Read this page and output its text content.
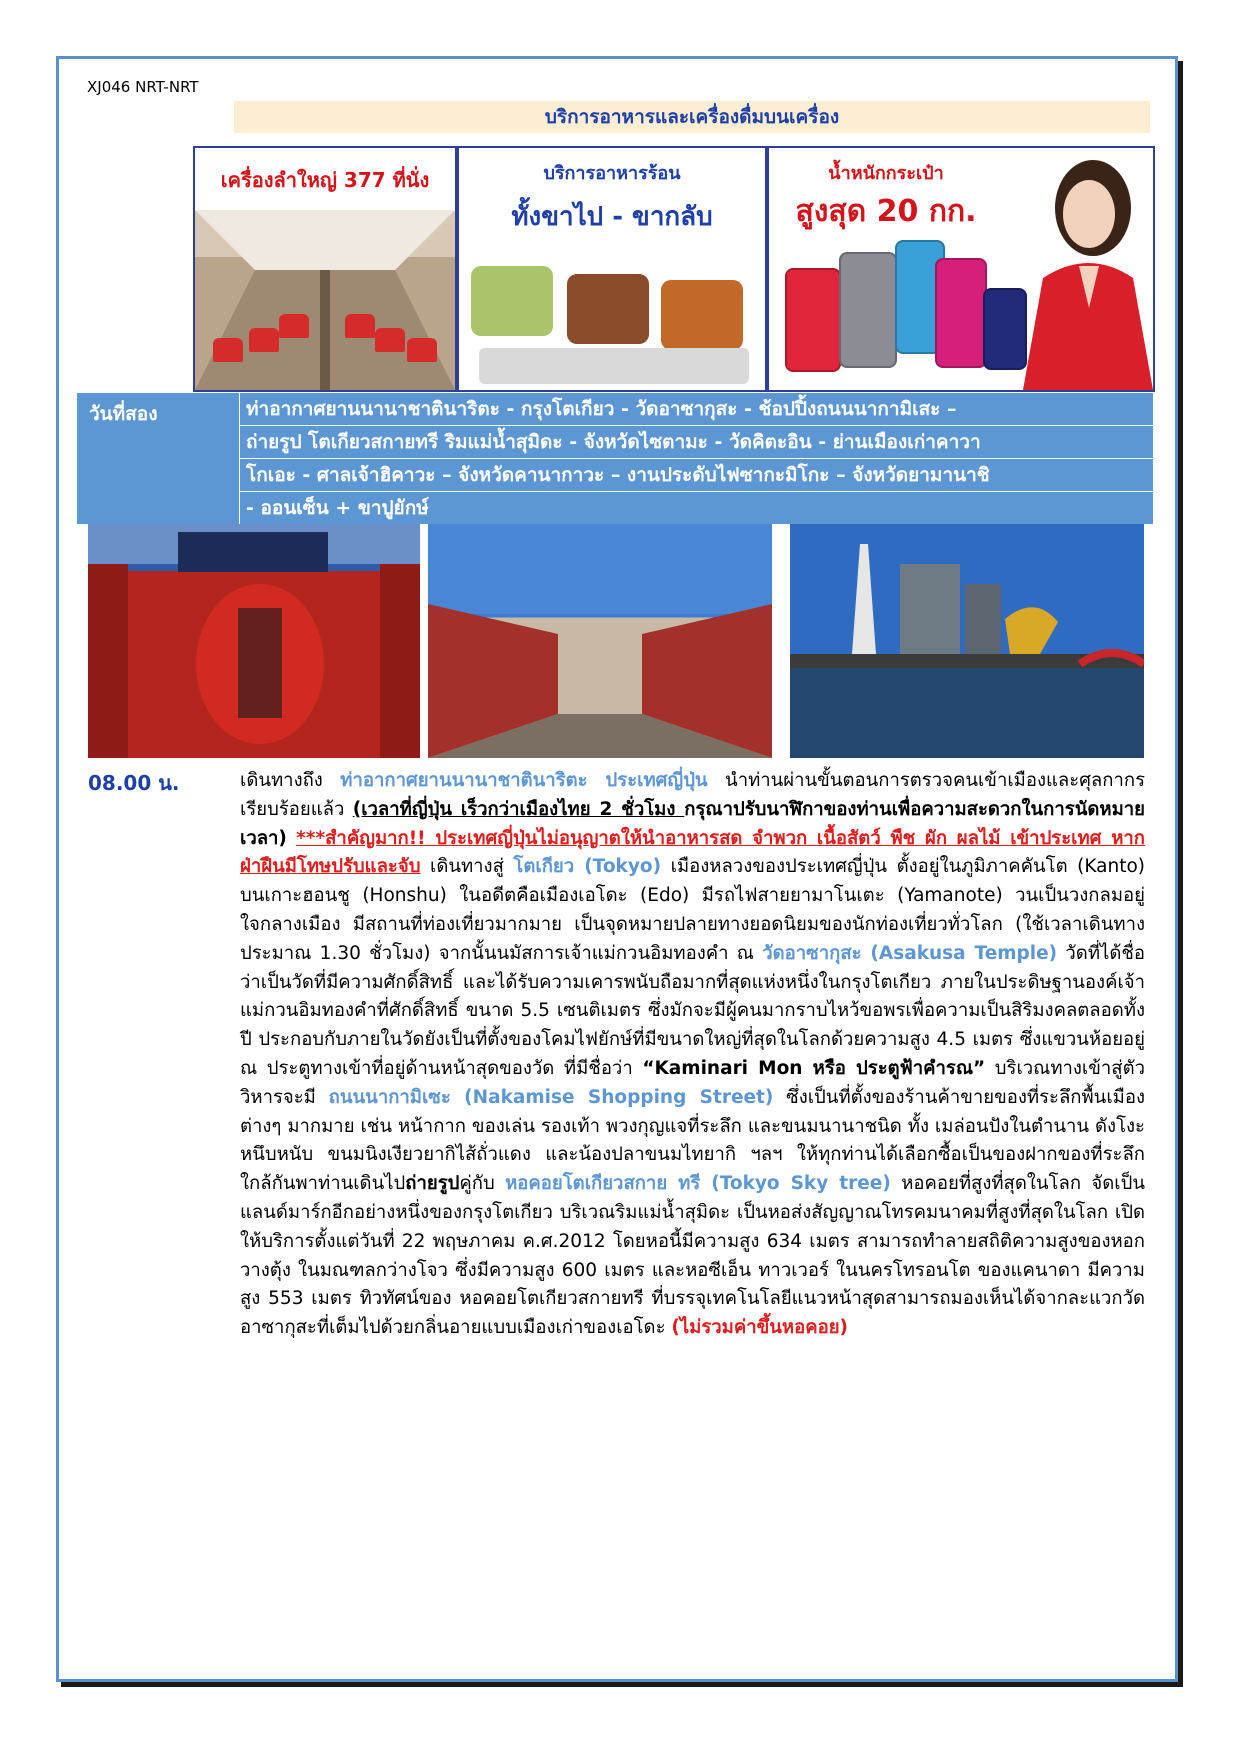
XJ046 NRT-NRT
บริการอาหารและเครื่องดื่มบนเครื่อง
เครื่องลำใหญ่ 377 ที่นั่ง	บริการอาหารร้อน
ทั้งขาไป - ขากลับ
น้ำหนักกระเป๋า
สูงสุด 20 กก.
วันที่สอง	ท่าอากาศยานนานาชาตินาริตะ - กรุงโตเกียว - วัดอาซากุสะ - ช้อปปิ้งถนนนากามิเสะ –
ถ่ายรูป โตเกียวสกายทรี ริมแม่น้ำสุมิดะ - จังหวัดไซตามะ - วัดคิตะอิน - ย่านเมืองเก่าคาวา
โกเอะ - ศาลเจ้าฮิคาวะ – จังหวัดคานากาวะ – งานประดับไฟซากะมิโกะ – จังหวัดยามานาชิ
- ออนเซ็น + ขาปูยักษ์
08.00 น.	เดินทางถึง ท่าอากาศยานนานาชาตินาริตะ ประเทศญี่ปุ่น นำท่านผ่านขั้นตอนการตรวจคนเข้าเมืองและศุลกากร เรียบร้อยแล้ว (เวลาที่ญี่ปุ่น เร็วกว่าเมืองไทย 2 ชั่วโมง กรุณาปรับนาฬิกาของท่านเพื่อความสะดวกในการนัดหมายเวลา) ***สำคัญมาก!! ประเทศญี่ปุ่นไม่อนุญาตให้นำอาหารสด จำพวก เนื้อสัตว์ พืช ผัก ผลไม้ เข้าประเทศ หากฝ่าฝืนมีโทษปรับและจับ เดินทางสู่ โตเกียว (Tokyo) เมืองหลวงของประเทศญี่ปุ่น ตั้งอยู่ในภูมิภาคคันโต (Kanto) บนเกาะฮอนชู (Honshu) ในอดีตคือเมืองเอโดะ (Edo) มีรถไฟสายยามาโนเตะ (Yamanote) วนเป็นวงกลมอยู่ใจกลางเมือง มีสถานที่ท่องเที่ยวมากมาย เป็นจุดหมายปลายทางยอดนิยมของนักท่องเที่ยวทั่วโลก (ใช้เวลาเดินทางประมาณ 1.30 ชั่วโมง) จากนั้นนมัสการเจ้าแม่กวนอิมทองคำ ณ วัดอาซากุสะ (Asakusa Temple) วัดที่ได้ชื่อว่าเป็นวัดที่มีความศักดิ์สิทธิ์ และได้รับความเคารพนับถือมากที่สุดแห่งหนึ่งในกรุงโตเกียว ภายในประดิษฐานองค์เจ้าแม่กวนอิมทองคำที่ศักดิ์สิทธิ์ ขนาด 5.5 เซนติเมตร ซึ่งมักจะมีผู้คนมากราบไหว้ขอพรเพื่อความเป็นสิริมงคลตลอดทั้งปี ประกอบกับภายในวัดยังเป็นที่ตั้งของโคมไฟยักษ์ที่มีขนาดใหญ่ที่สุดในโลกด้วยความสูง 4.5 เมตร ซึ่งแขวนห้อยอยู่ ณ ประตูทางเข้าที่อยู่ด้านหน้าสุดของวัด ที่มีชื่อว่า “Kaminari Mon หรือ ประตูฟ้าคำรณ” บริเวณทางเข้าสู่ตัววิหารจะมี ถนนนากามิเซะ (Nakamise Shopping Street) ซึ่งเป็นที่ตั้งของร้านค้าขายของที่ระลึกพื้นเมืองต่างๆ มากมาย เช่น หน้ากาก ของเล่น รองเท้า พวงกุญแจที่ระลึก และขนมนานาชนิด ทั้ง เมล่อนปังในตำนาน ดังโงะหนึบหนับ ขนมนิงเงียวยากิไส้ถั่วแดง และน้องปลาขนมไทยากิ ฯลฯ ให้ทุกท่านได้เลือกซื้อเป็นของฝากของที่ระลึก ใกล้กันพาท่านเดินไปถ่ายรูปคู่กับ หอคอยโตเกียวสกาย ทรี (Tokyo Sky tree) หอคอยที่สูงที่สุดในโลก จัดเป็นแลนด์มาร์กอีกอย่างหนึ่งของกรุงโตเกียว บริเวณริมแม่น้ำสุมิดะ เป็นหอส่งสัญญาณโทรคมนาคมที่สูงที่สุดในโลก เปิดให้บริการตั้งแต่วันที่ 22 พฤษภาคม ค.ศ.2012 โดยหอนี้มีความสูง 634 เมตร สามารถทำลายสถิติความสูงของหอกวางตุ้ง ในมณฑลกว่างโจว ซึ่งมีความสูง 600 เมตร และหอซีเอ็น ทาวเวอร์ ในนครโทรอนโต ของแคนาดา มีความสูง 553 เมตร ทิวทัศน์ของ หอคอยโตเกียวสกายทรี ที่บรรจุเทคโนโลยีแนวหน้าสุดสามารถมองเห็นได้จากละแวกวัดอาซากุสะที่เต็มไปด้วยกลิ่นอายแบบเมืองเก่าของเอโดะ (ไม่รวมค่าขึ้นหอคอย)
